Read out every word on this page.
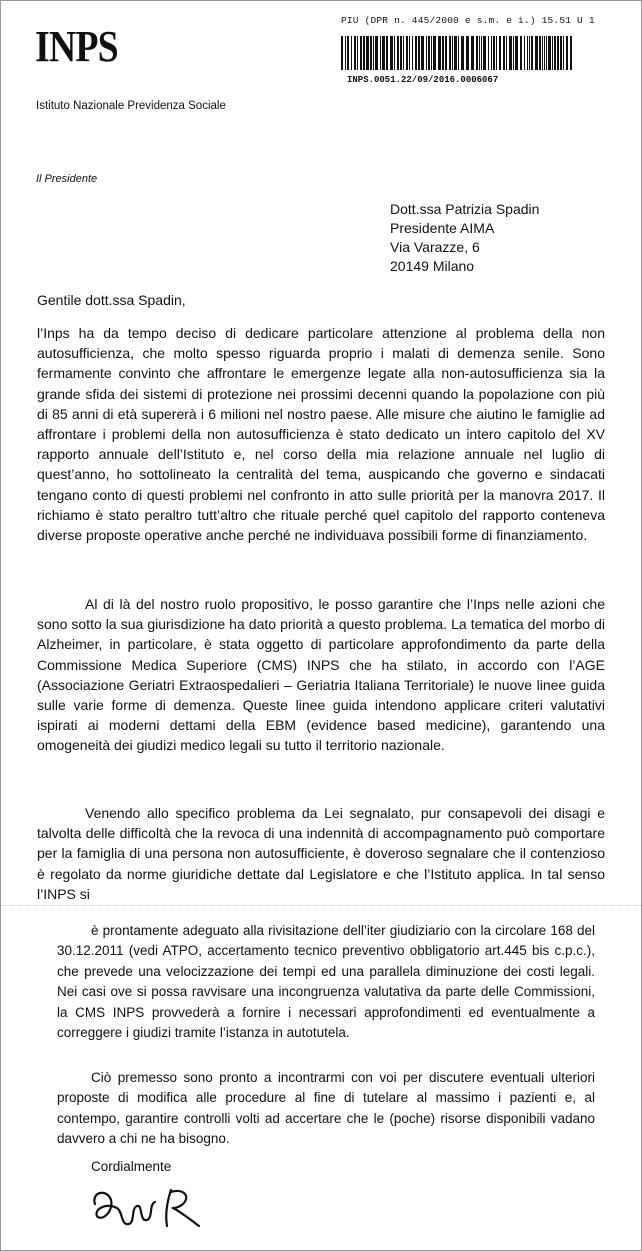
INPS
Istituto Nazionale Previdenza Sociale
Il Presidente
PIU (DPR n. 445/2000 e s.m. e i.) 15.51 U 1
INPS.0051.22/09/2016.0006067
Dott.ssa Patrizia Spadin
Presidente AIMA
Via Varazze, 6
20149 Milano
Gentile dott.ssa Spadin,
l’Inps ha da tempo deciso di dedicare particolare attenzione al problema della non autosufficienza, che molto spesso riguarda proprio i malati di demenza senile. Sono fermamente convinto che affrontare le emergenze legate alla non-autosufficienza sia la grande sfida dei sistemi di protezione nei prossimi decenni quando la popolazione con più di 85 anni di età supererà i 6 milioni nel nostro paese. Alle misure che aiutino le famiglie ad affrontare i problemi della non autosufficienza è stato dedicato un intero capitolo del XV rapporto annuale dell’Istituto e, nel corso della mia relazione annuale nel luglio di quest’anno, ho sottolineato la centralità del tema, auspicando che governo e sindacati tengano conto di questi problemi nel confronto in atto sulle priorità per la manovra 2017. Il richiamo è stato peraltro tutt’altro che rituale perché quel capitolo del rapporto conteneva diverse proposte operative anche perché ne individuava possibili forme di finanziamento.
Al di là del nostro ruolo propositivo, le posso garantire che l’Inps nelle azioni che sono sotto la sua giurisdizione ha dato priorità a questo problema. La tematica del morbo di Alzheimer, in particolare, è stata oggetto di particolare approfondimento da parte della Commissione Medica Superiore (CMS) INPS che ha stilato, in accordo con l’AGE (Associazione Geriatri Extraospedalieri – Geriatria Italiana Territoriale) le nuove linee guida sulle varie forme di demenza. Queste linee guida intendono applicare criteri valutativi ispirati ai moderni dettami della EBM (evidence based medicine), garantendo una omogeneità dei giudizi medico legali su tutto il territorio nazionale.
Venendo allo specifico problema da Lei segnalato, pur consapevoli dei disagi e talvolta delle difficoltà che la revoca di una indennità di accompagnamento può comportare per la famiglia di una persona non autosufficiente, è doveroso segnalare che il contenzioso è regolato da norme giuridiche dettate dal Legislatore e che l’Istituto applica. In tal senso l’INPS si
è prontamente adeguato alla rivisitazione dell’iter giudiziario con la circolare 168 del 30.12.2011 (vedi ATPO, accertamento tecnico preventivo obbligatorio art.445 bis c.p.c.), che prevede una velocizzazione dei tempi ed una parallela diminuzione dei costi legali. Nei casi ove si possa ravvisare una incongruenza valutativa da parte delle Commissioni, la CMS INPS provvederà a fornire i necessari approfondimenti ed eventualmente a correggere i giudizi tramite l’istanza in autotutela.
Ciò premesso sono pronto a incontrarmi con voi per discutere eventuali ulteriori proposte di modifica alle procedure al fine di tutelare al massimo i pazienti e, al contempo, garantire controlli volti ad accertare che le (poche) risorse disponibili vadano davvero a chi ne ha bisogno.
Cordialmente
